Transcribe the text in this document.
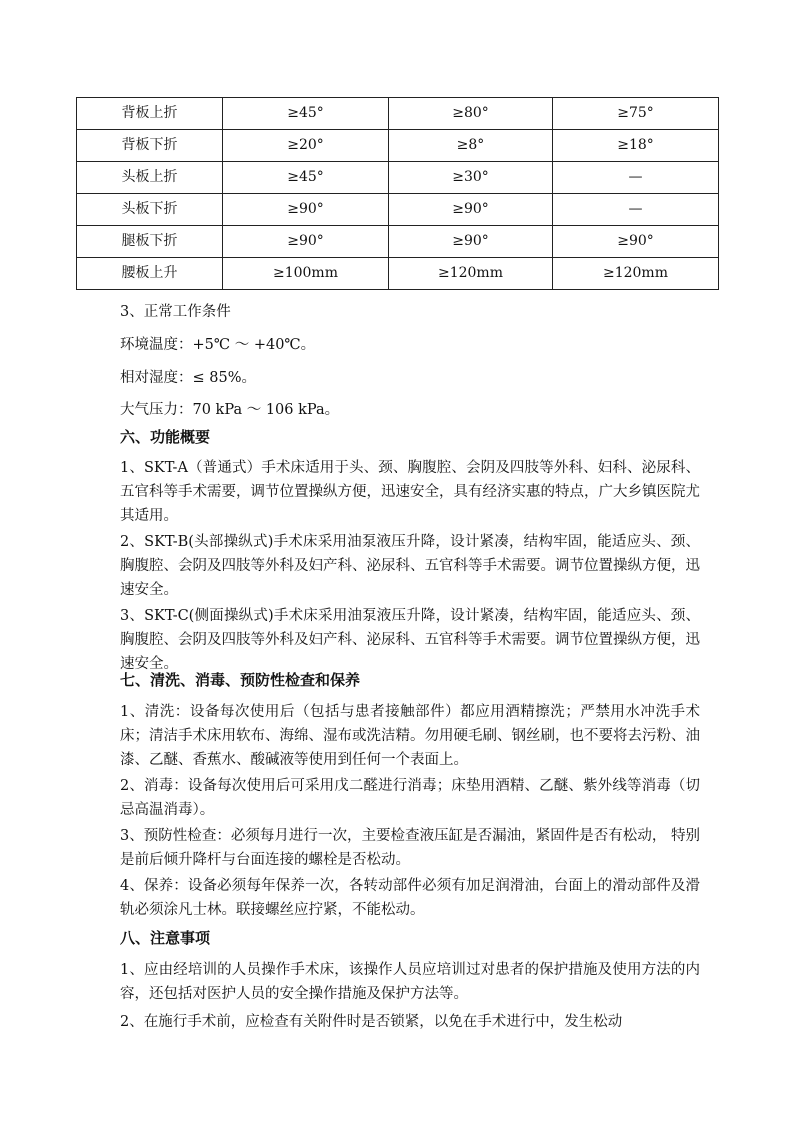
背板上折	≥45°	≥80°	≥75°
背板下折	≥20°	≥8°	≥18°
头板上折	≥45°	≥30°	—
头板下折	≥90°	≥90°	—
腿板下折	≥90°	≥90°	≥90°
腰板上升	≥100mm	≥120mm	≥120mm

3、正常工作条件

环境温度：+5℃ ～ +40℃。

相对湿度：≤ 85%。

大气压力：70 kPa ～ 106 kPa。

六、功能概要

1、SKT-A（普通式）手术床适用于头、颈、胸腹腔、会阴及四肢等外科、妇科、泌尿科、五官科等手术需要，调节位置操纵方便，迅速安全，具有经济实惠的特点，广大乡镇医院尤其适用。

2、SKT-B(头部操纵式)手术床采用油泵液压升降，设计紧凑，结构牢固，能适应头、颈、胸腹腔、会阴及四肢等外科及妇产科、泌尿科、五官科等手术需要。调节位置操纵方便，迅速安全。

3、SKT-C(侧面操纵式)手术床采用油泵液压升降，设计紧凑，结构牢固，能适应头、颈、胸腹腔、会阴及四肢等外科及妇产科、泌尿科、五官科等手术需要。调节位置操纵方便，迅速安全。

七、清洗、消毒、预防性检查和保养

1、清洗：设备每次使用后（包括与患者接触部件）都应用酒精擦洗；严禁用水冲洗手术床；清洁手术床用软布、海绵、湿布或洗洁精。勿用硬毛刷、钢丝刷，也不要将去污粉、油漆、乙醚、香蕉水、酸碱液等使用到任何一个表面上。

2、消毒：设备每次使用后可采用戊二醛进行消毒；床垫用酒精、乙醚、紫外线等消毒（切忌高温消毒）。

3、预防性检查：必须每月进行一次，主要检查液压缸是否漏油，紧固件是否有松动， 特别是前后倾升降杆与台面连接的螺栓是否松动。

4、保养：设备必须每年保养一次，各转动部件必须有加足润滑油，台面上的滑动部件及滑轨必须涂凡士林。联接螺丝应拧紧，不能松动。

八、注意事项

1、应由经培训的人员操作手术床，该操作人员应培训过对患者的保护措施及使用方法的内容，还包括对医护人员的安全操作措施及保护方法等。

2、在施行手术前，应检查有关附件时是否锁紧，以免在手术进行中，发生松动
